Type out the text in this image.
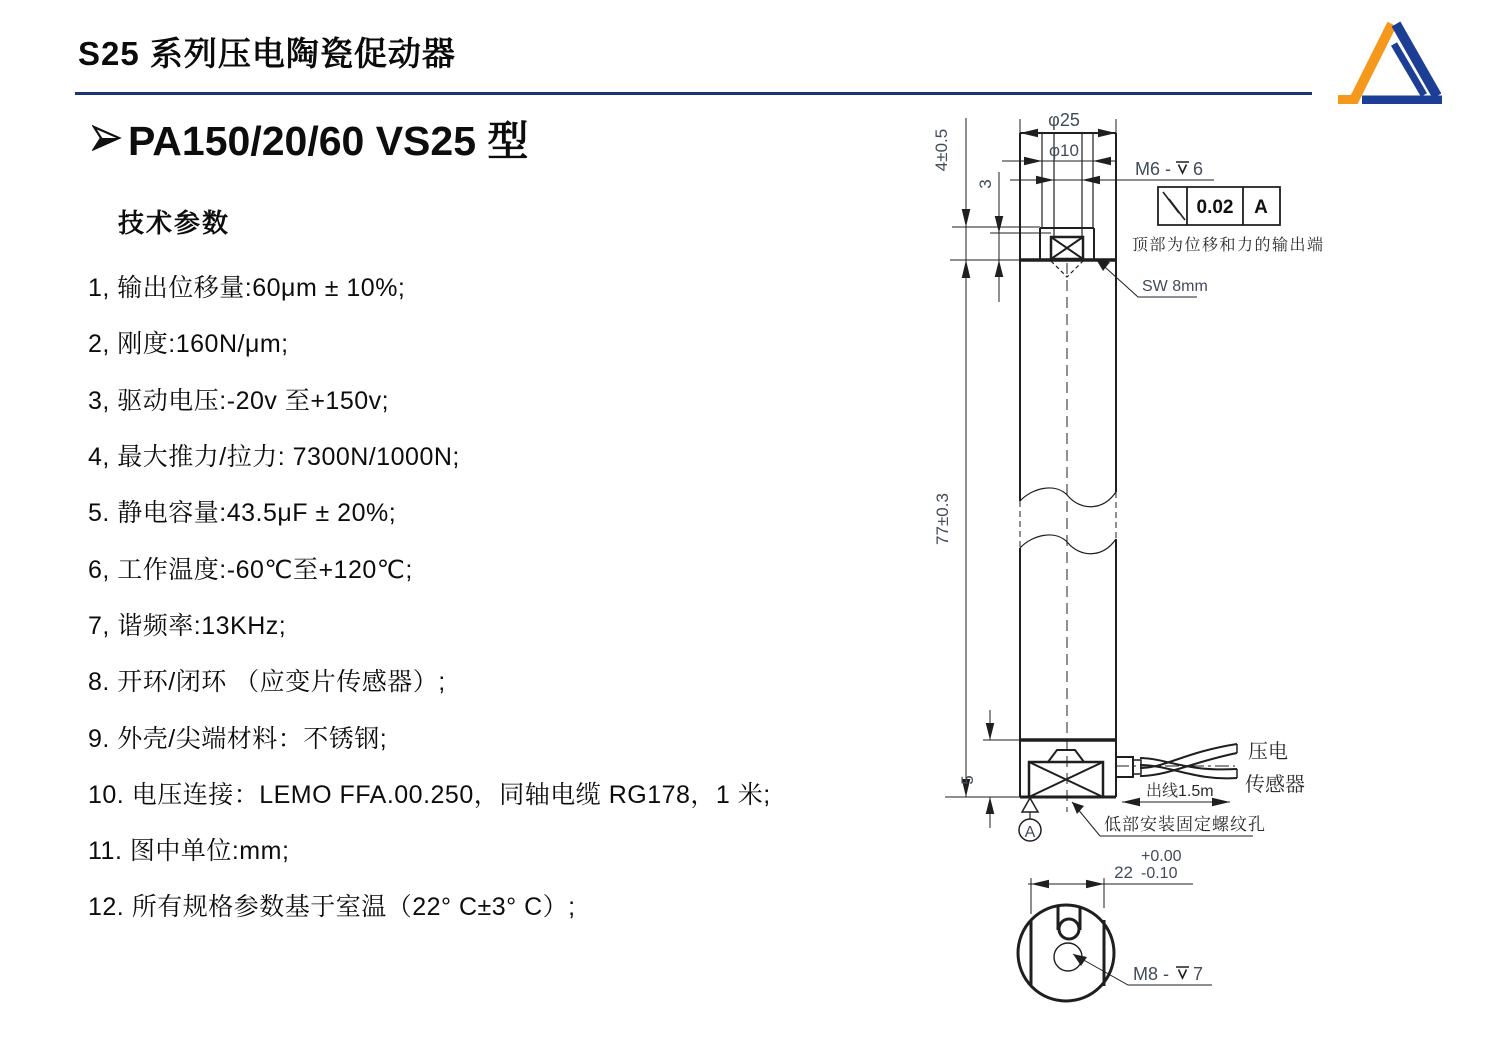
S25 系列压电陶瓷促动器
PA150/20/60 VS25 型
技术参数
1, 输出位移量:60μm ± 10%;
2, 刚度:160N/μm;
3, 驱动电压:-20v 至+150v;
4, 最大推力/拉力: 7300N/1000N;
5. 静电容量:43.5μF ± 20%;
6, 工作温度:-60℃至+120℃;
7, 谐频率:13KHz;
8. 开环/闭环 （应变片传感器）;
9. 外壳/尖端材料：不锈钢;
10. 电压连接：LEMO FFA.00.250，同轴电缆 RG178，1 米;
11. 图中单位:mm;
12. 所有规格参数基于室温（22° C±3° C）;
压电
传感器
出线1.5m
低部安装固定螺纹孔
A
4±0.5
3
77±0.3
5
φ25
φ10
M6 - 6
0.02 A
顶部为位移和力的输出端
SW 8mm
22
+0.00
-0.10
M8 - 7
